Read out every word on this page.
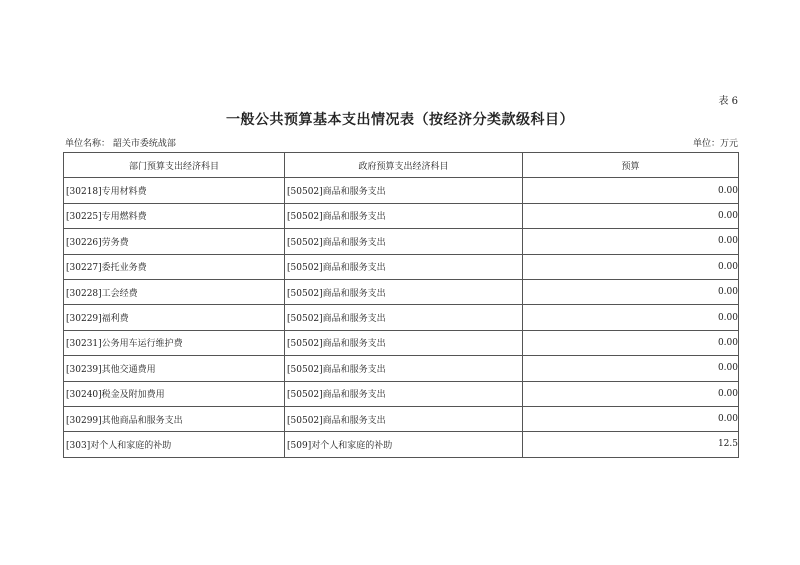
表 6
一般公共预算基本支出情况表（按经济分类款级科目）
单位名称： 韶关市委统战部	单位：万元
部门预算支出经济科目	政府预算支出经济科目	预算
[30218]专用材料费	[50502]商品和服务支出	0.00
[30225]专用燃料费	[50502]商品和服务支出	0.00
[30226]劳务费	[50502]商品和服务支出	0.00
[30227]委托业务费	[50502]商品和服务支出	0.00
[30228]工会经费	[50502]商品和服务支出	0.00
[30229]福利费	[50502]商品和服务支出	0.00
[30231]公务用车运行维护费	[50502]商品和服务支出	0.00
[30239]其他交通费用	[50502]商品和服务支出	0.00
[30240]税金及附加费用	[50502]商品和服务支出	0.00
[30299]其他商品和服务支出	[50502]商品和服务支出	0.00
[303]对个人和家庭的补助	[509]对个人和家庭的补助	12.5
